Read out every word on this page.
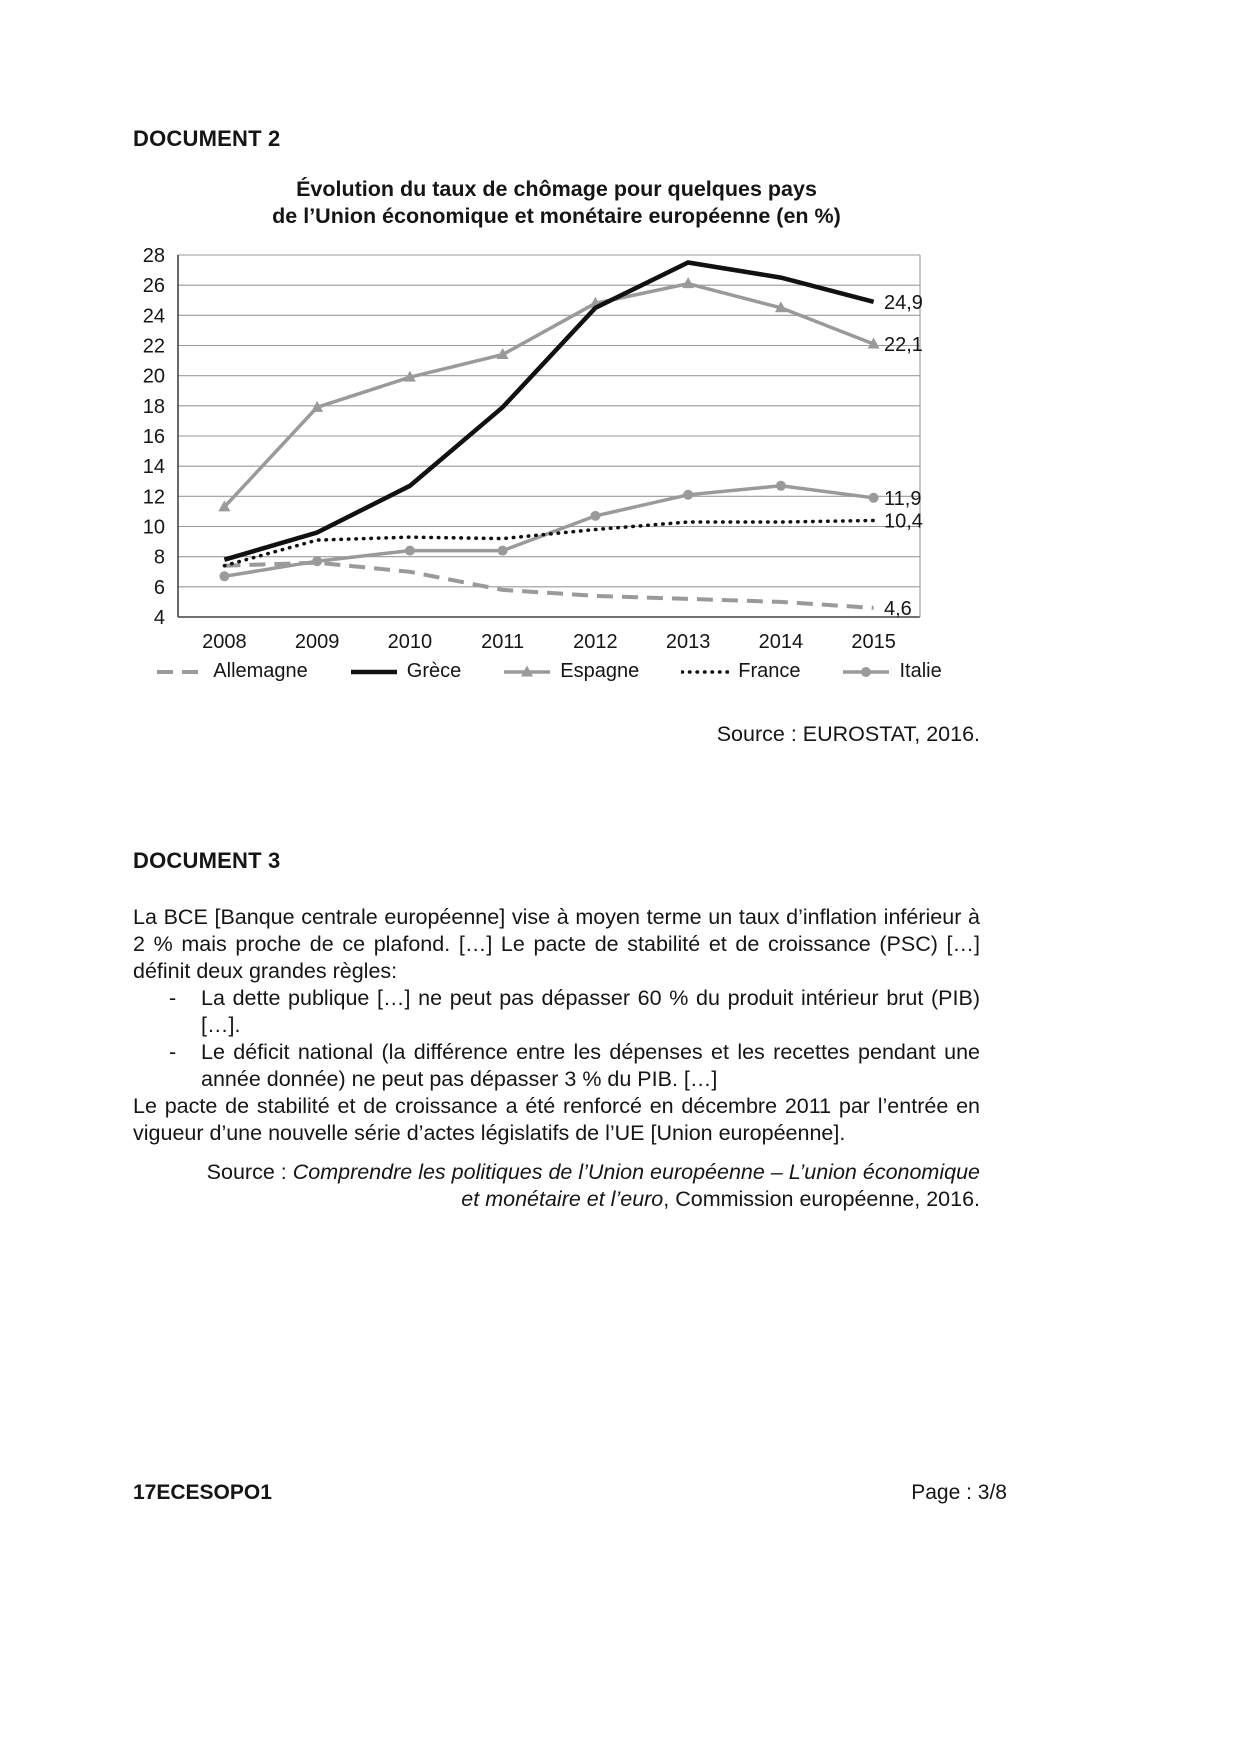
DOCUMENT 2
Évolution du taux de chômage pour quelques pays
de l’Union économique et monétaire européenne (en %)
4
6
8
10
12
14
16
18
20
22
24
26
28
2008 2009 2010 2011 2012 2013 2014 2015
4,6
24,9
22,1
10,4
11,9
Allemagne	Grèce	Espagne	France	Italie
Source : EUROSTAT, 2016.
DOCUMENT 3

La BCE [Banque centrale européenne] vise à moyen terme un taux d’inflation inférieur à 2 % mais proche de ce plafond. […] Le pacte de stabilité et de croissance (PSC) […] définit deux grandes règles:

-	La dette publique […] ne peut pas dépasser 60 % du produit intérieur brut (PIB) […].
-	Le déficit national (la différence entre les dépenses et les recettes pendant une année donnée) ne peut pas dépasser 3 % du PIB. […]

Le pacte de stabilité et de croissance a été renforcé en décembre 2011 par l’entrée en vigueur d’une nouvelle série d’actes législatifs de l’UE [Union européenne].

Source : Comprendre les politiques de l’Union européenne – L’union économique et monétaire et l’euro, Commission européenne, 2016.

17ECESOPO1	Page : 3/8
